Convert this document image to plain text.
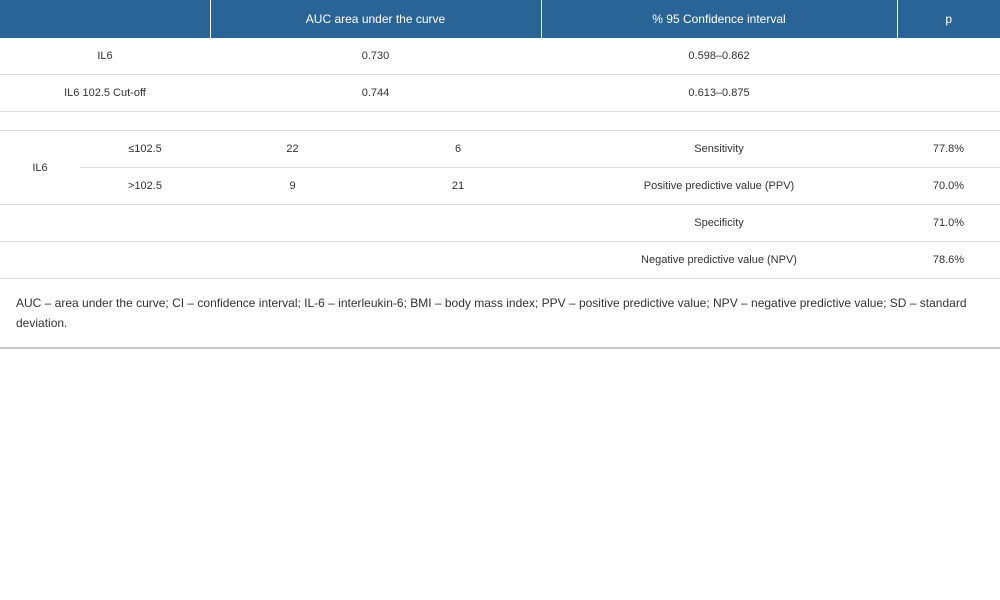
		AUC area under the curve		% 95 Confidence interval	p
IL6		0.730		0.598–0.862	
IL6 102.5 Cut-off		0.744		0.613–0.875	

IL6	≤102.5	22	6	Sensitivity	77.8%
	>102.5	9	21	Positive predictive value (PPV)	70.0%
				Specificity	71.0%
				Negative predictive value (NPV)	78.6%
AUC – area under the curve; CI – confidence interval; IL-6 – interleukin-6; BMI – body mass index; PPV – positive predictive value; NPV – negative predictive value; SD – standard deviation.
